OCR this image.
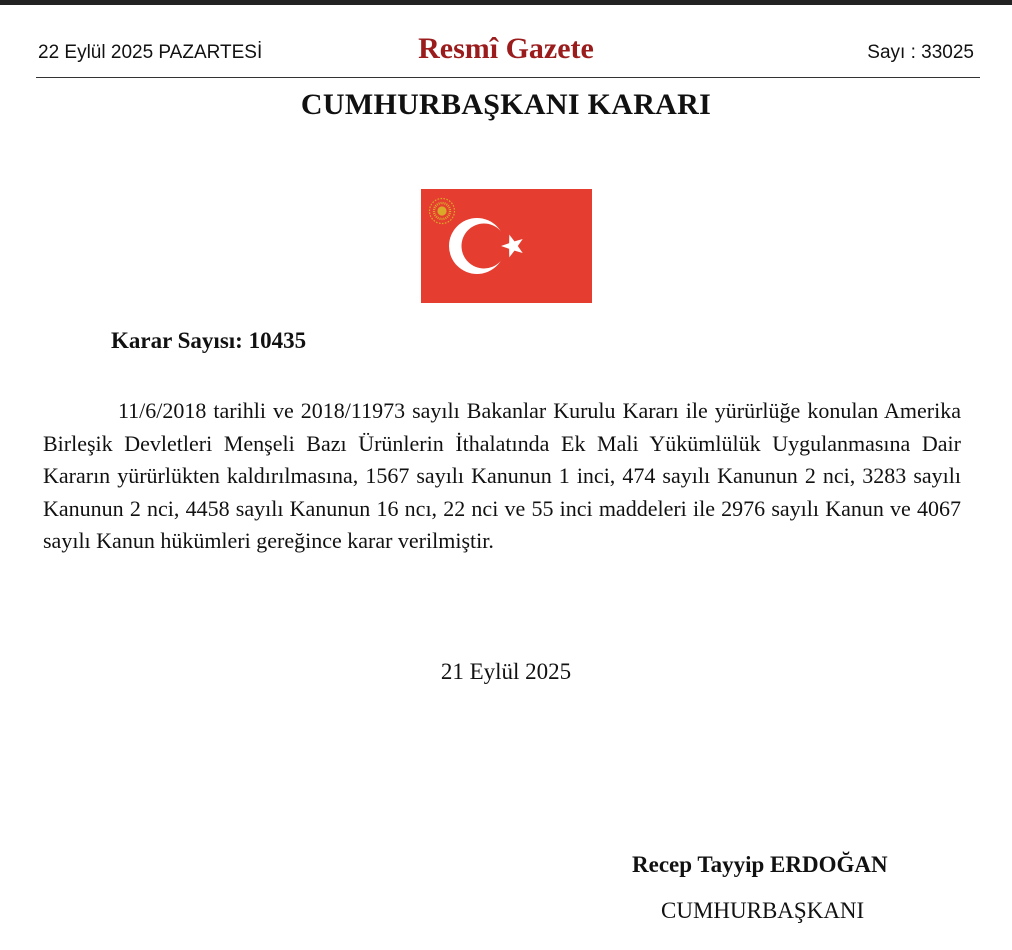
22 Eylül 2025 PAZARTESİ	Resmî Gazete	Sayı : 33025
CUMHURBAŞKANI KARARI
Karar Sayısı: 10435
11/6/2018 tarihli ve 2018/11973 sayılı Bakanlar Kurulu Kararı ile yürürlüğe konulan Amerika Birleşik Devletleri Menşeli Bazı Ürünlerin İthalatında Ek Mali Yükümlülük Uygulanmasına Dair Kararın yürürlükten kaldırılmasına, 1567 sayılı Kanunun 1 inci, 474 sayılı Kanunun 2 nci, 3283 sayılı Kanunun 2 nci, 4458 sayılı Kanunun 16 ncı, 22 nci ve 55 inci maddeleri ile 2976 sayılı Kanun ve 4067 sayılı Kanun hükümleri gereğince karar verilmiştir.
21 Eylül 2025
Recep Tayyip ERDOĞAN
CUMHURBAŞKANI
